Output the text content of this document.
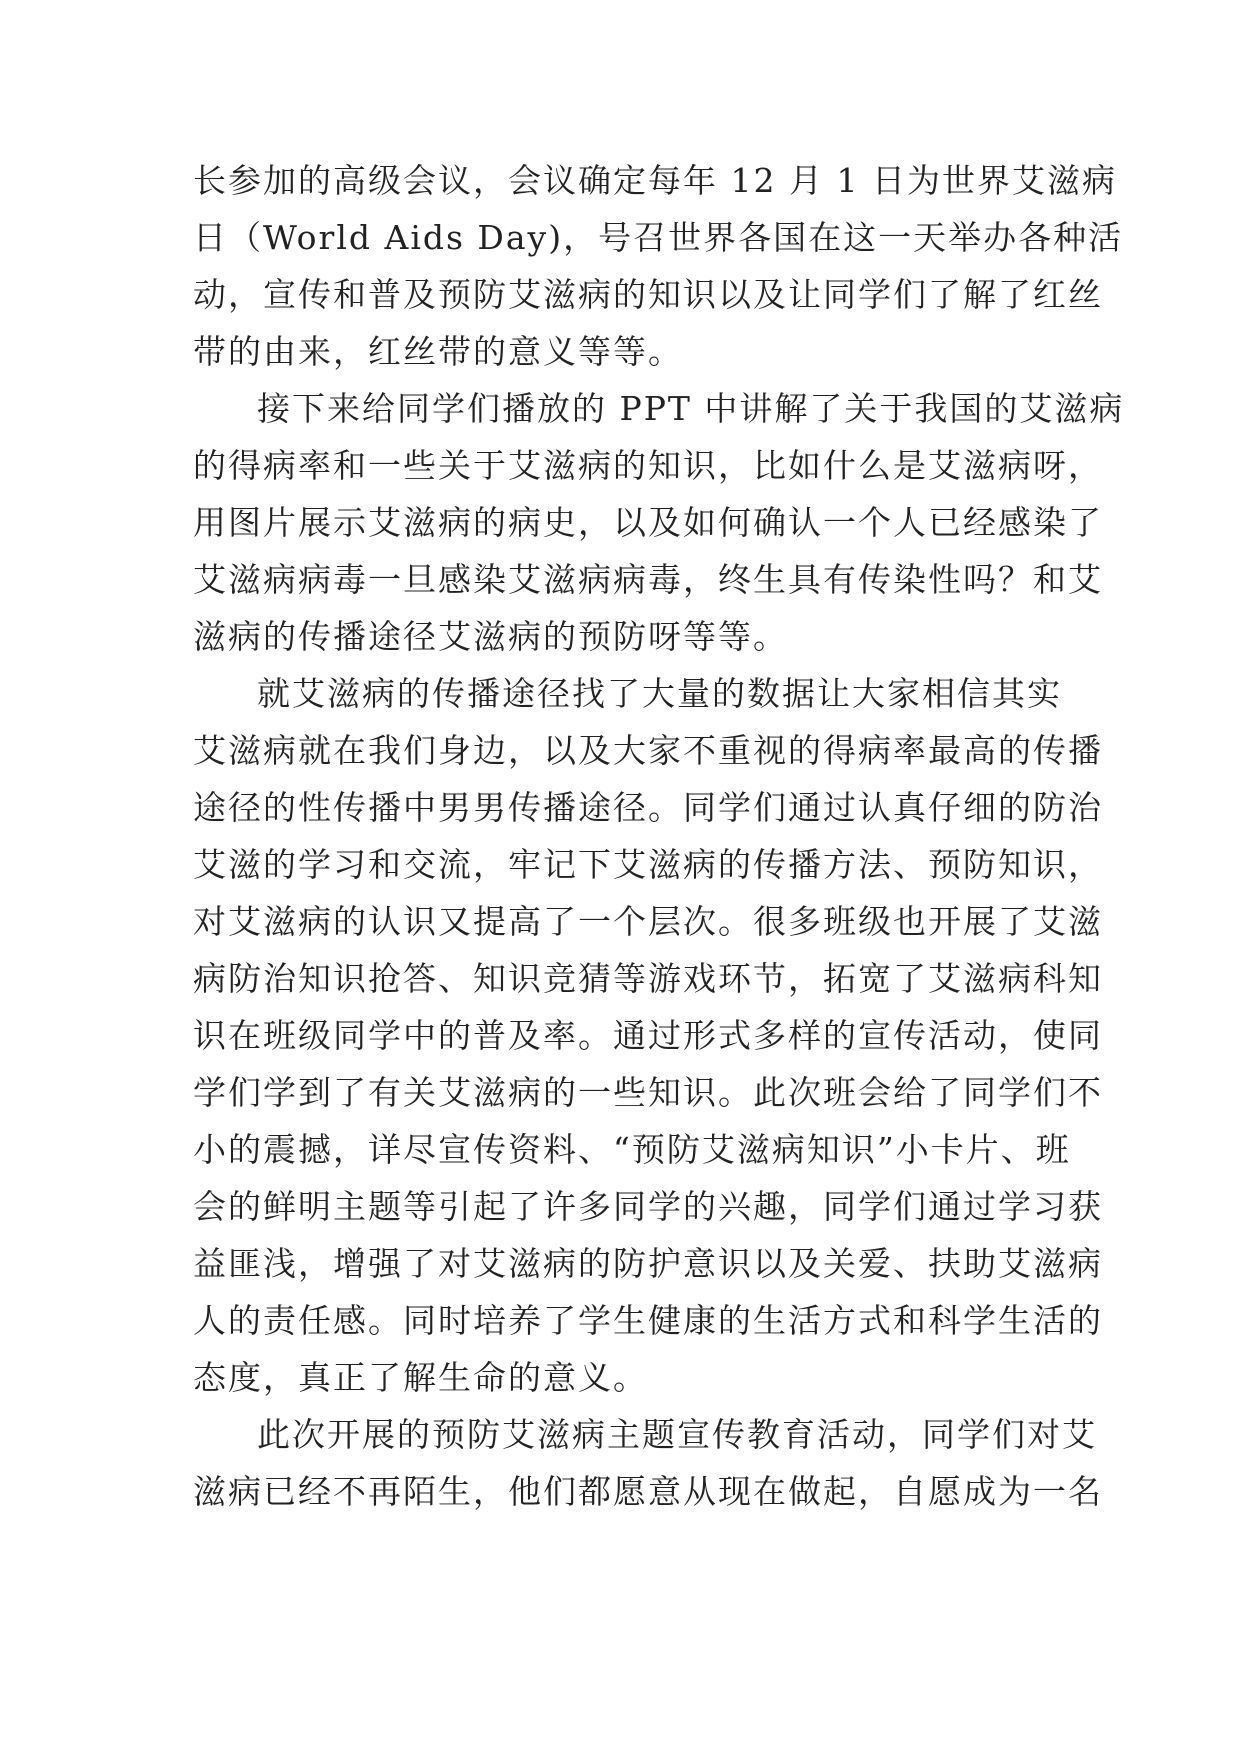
长参加的高级会议，会议确定每年 12 月 1 日为世界艾滋病
日（World Aids Day)，号召世界各国在这一天举办各种活
动，宣传和普及预防艾滋病的知识以及让同学们了解了红丝
带的由来，红丝带的意义等等。
接下来给同学们播放的 PPT 中讲解了关于我国的艾滋病
的得病率和一些关于艾滋病的知识，比如什么是艾滋病呀，
用图片展示艾滋病的病史，以及如何确认一个人已经感染了
艾滋病病毒一旦感染艾滋病病毒，终生具有传染性吗？和艾
滋病的传播途径艾滋病的预防呀等等。
就艾滋病的传播途径找了大量的数据让大家相信其实
艾滋病就在我们身边，以及大家不重视的得病率最高的传播
途径的性传播中男男传播途径。同学们通过认真仔细的防治
艾滋的学习和交流，牢记下艾滋病的传播方法、预防知识，
对艾滋病的认识又提高了一个层次。很多班级也开展了艾滋
病防治知识抢答、知识竞猜等游戏环节，拓宽了艾滋病科知
识在班级同学中的普及率。通过形式多样的宣传活动，使同
学们学到了有关艾滋病的一些知识。此次班会给了同学们不
小的震撼，详尽宣传资料、“预防艾滋病知识”小卡片、班
会的鲜明主题等引起了许多同学的兴趣，同学们通过学习获
益匪浅，增强了对艾滋病的防护意识以及关爱、扶助艾滋病
人的责任感。同时培养了学生健康的生活方式和科学生活的
态度，真正了解生命的意义。
此次开展的预防艾滋病主题宣传教育活动，同学们对艾
滋病已经不再陌生，他们都愿意从现在做起，自愿成为一名
